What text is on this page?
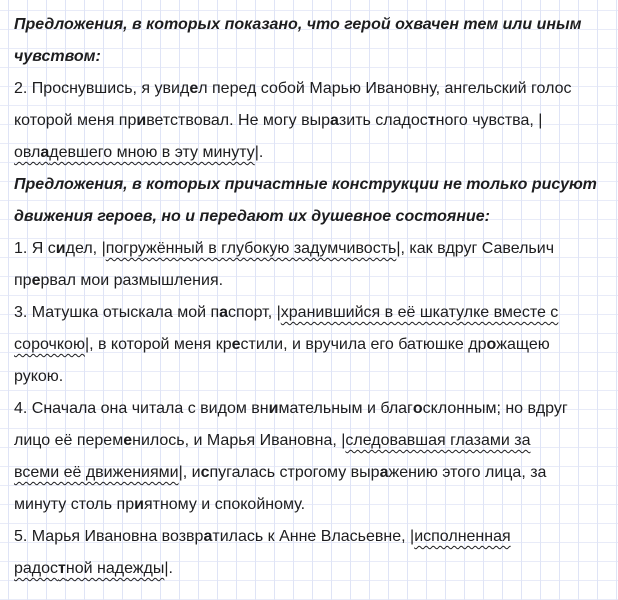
Предложения, в которых показано, что герой охвачен тем или иным
чувством:
2. Проснувшись, я увидел перед собой Марью Ивановну, ангельский голос
которой меня приветствовал. Не могу выразить сладостного чувства, |
овладевшего мною в эту минуту|.
Предложения, в которых причастные конструкции не только рисуют
движения героев, но и передают их душевное состояние:
1. Я сидел, |погружённый в глубокую задумчивость|, как вдруг Савельич
прервал мои размышления.
3. Матушка отыскала мой паспорт, |хранившийся в её шкатулке вместе с
сорочкою|, в которой меня крестили, и вручила его батюшке дрожащею
рукою.
4. Сначала она читала с видом внимательным и благосклонным; но вдруг
лицо её переменилось, и Марья Ивановна, |следовавшая глазами за
всеми её движениями|, испугалась строгому выражению этого лица, за
минуту столь приятному и спокойному.
5. Марья Ивановна возвратилась к Анне Власьевне, |исполненная
радостной надежды|.
